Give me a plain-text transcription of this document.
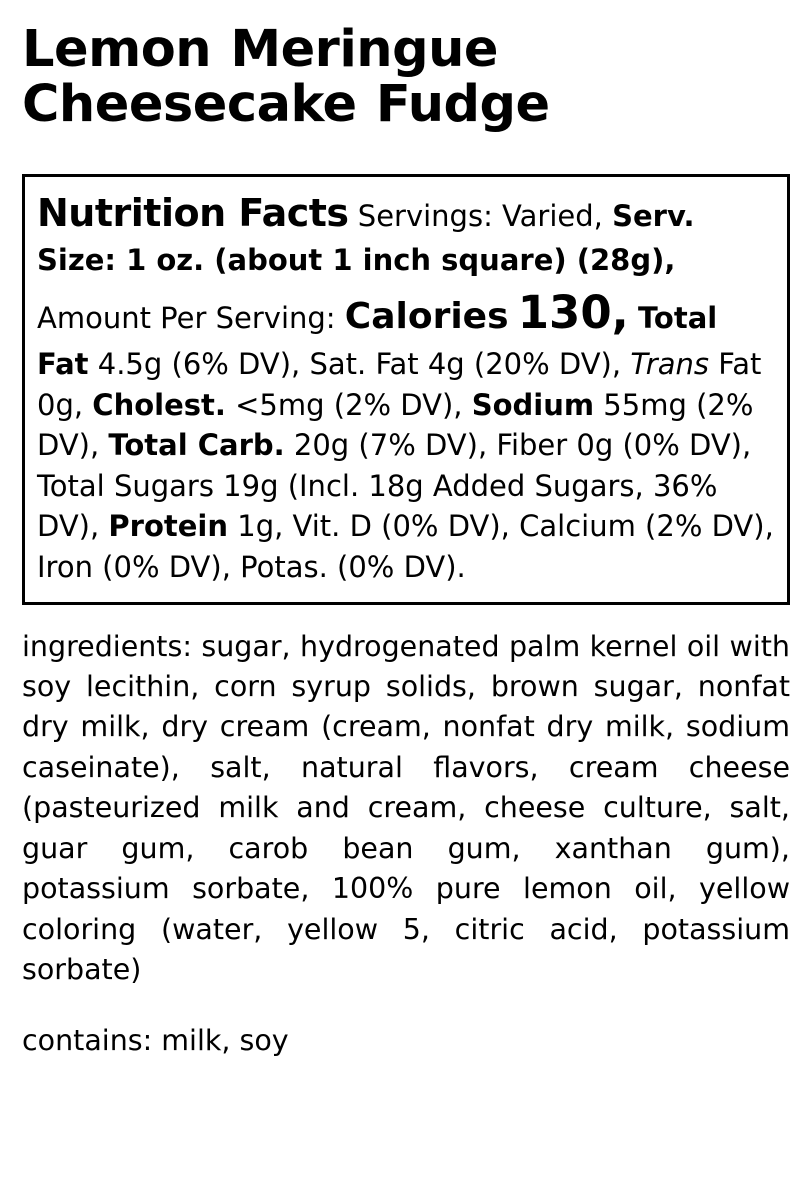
Lemon Meringue Cheesecake Fudge
Nutrition Facts Servings: Varied, Serv. Size: 1 oz. (about 1 inch square) (28g), Amount Per Serving: Calories 130, Total Fat 4.5g (6% DV), Sat. Fat 4g (20% DV), Trans Fat 0g, Cholest. <5mg (2% DV), Sodium 55mg (2% DV), Total Carb. 20g (7% DV), Fiber 0g (0% DV), Total Sugars 19g (Incl. 18g Added Sugars, 36% DV), Protein 1g, Vit. D (0% DV), Calcium (2% DV), Iron (0% DV), Potas. (0% DV).

ingredients: sugar, hydrogenated palm kernel oil with soy lecithin, corn syrup solids, brown sugar, nonfat dry milk, dry cream (cream, nonfat dry milk, sodium caseinate), salt, natural flavors, cream cheese (pasteurized milk and cream, cheese culture, salt, guar gum, carob bean gum, xanthan gum), potassium sorbate, 100% pure lemon oil, yellow coloring (water, yellow 5, citric acid, potassium sorbate)

contains: milk, soy
